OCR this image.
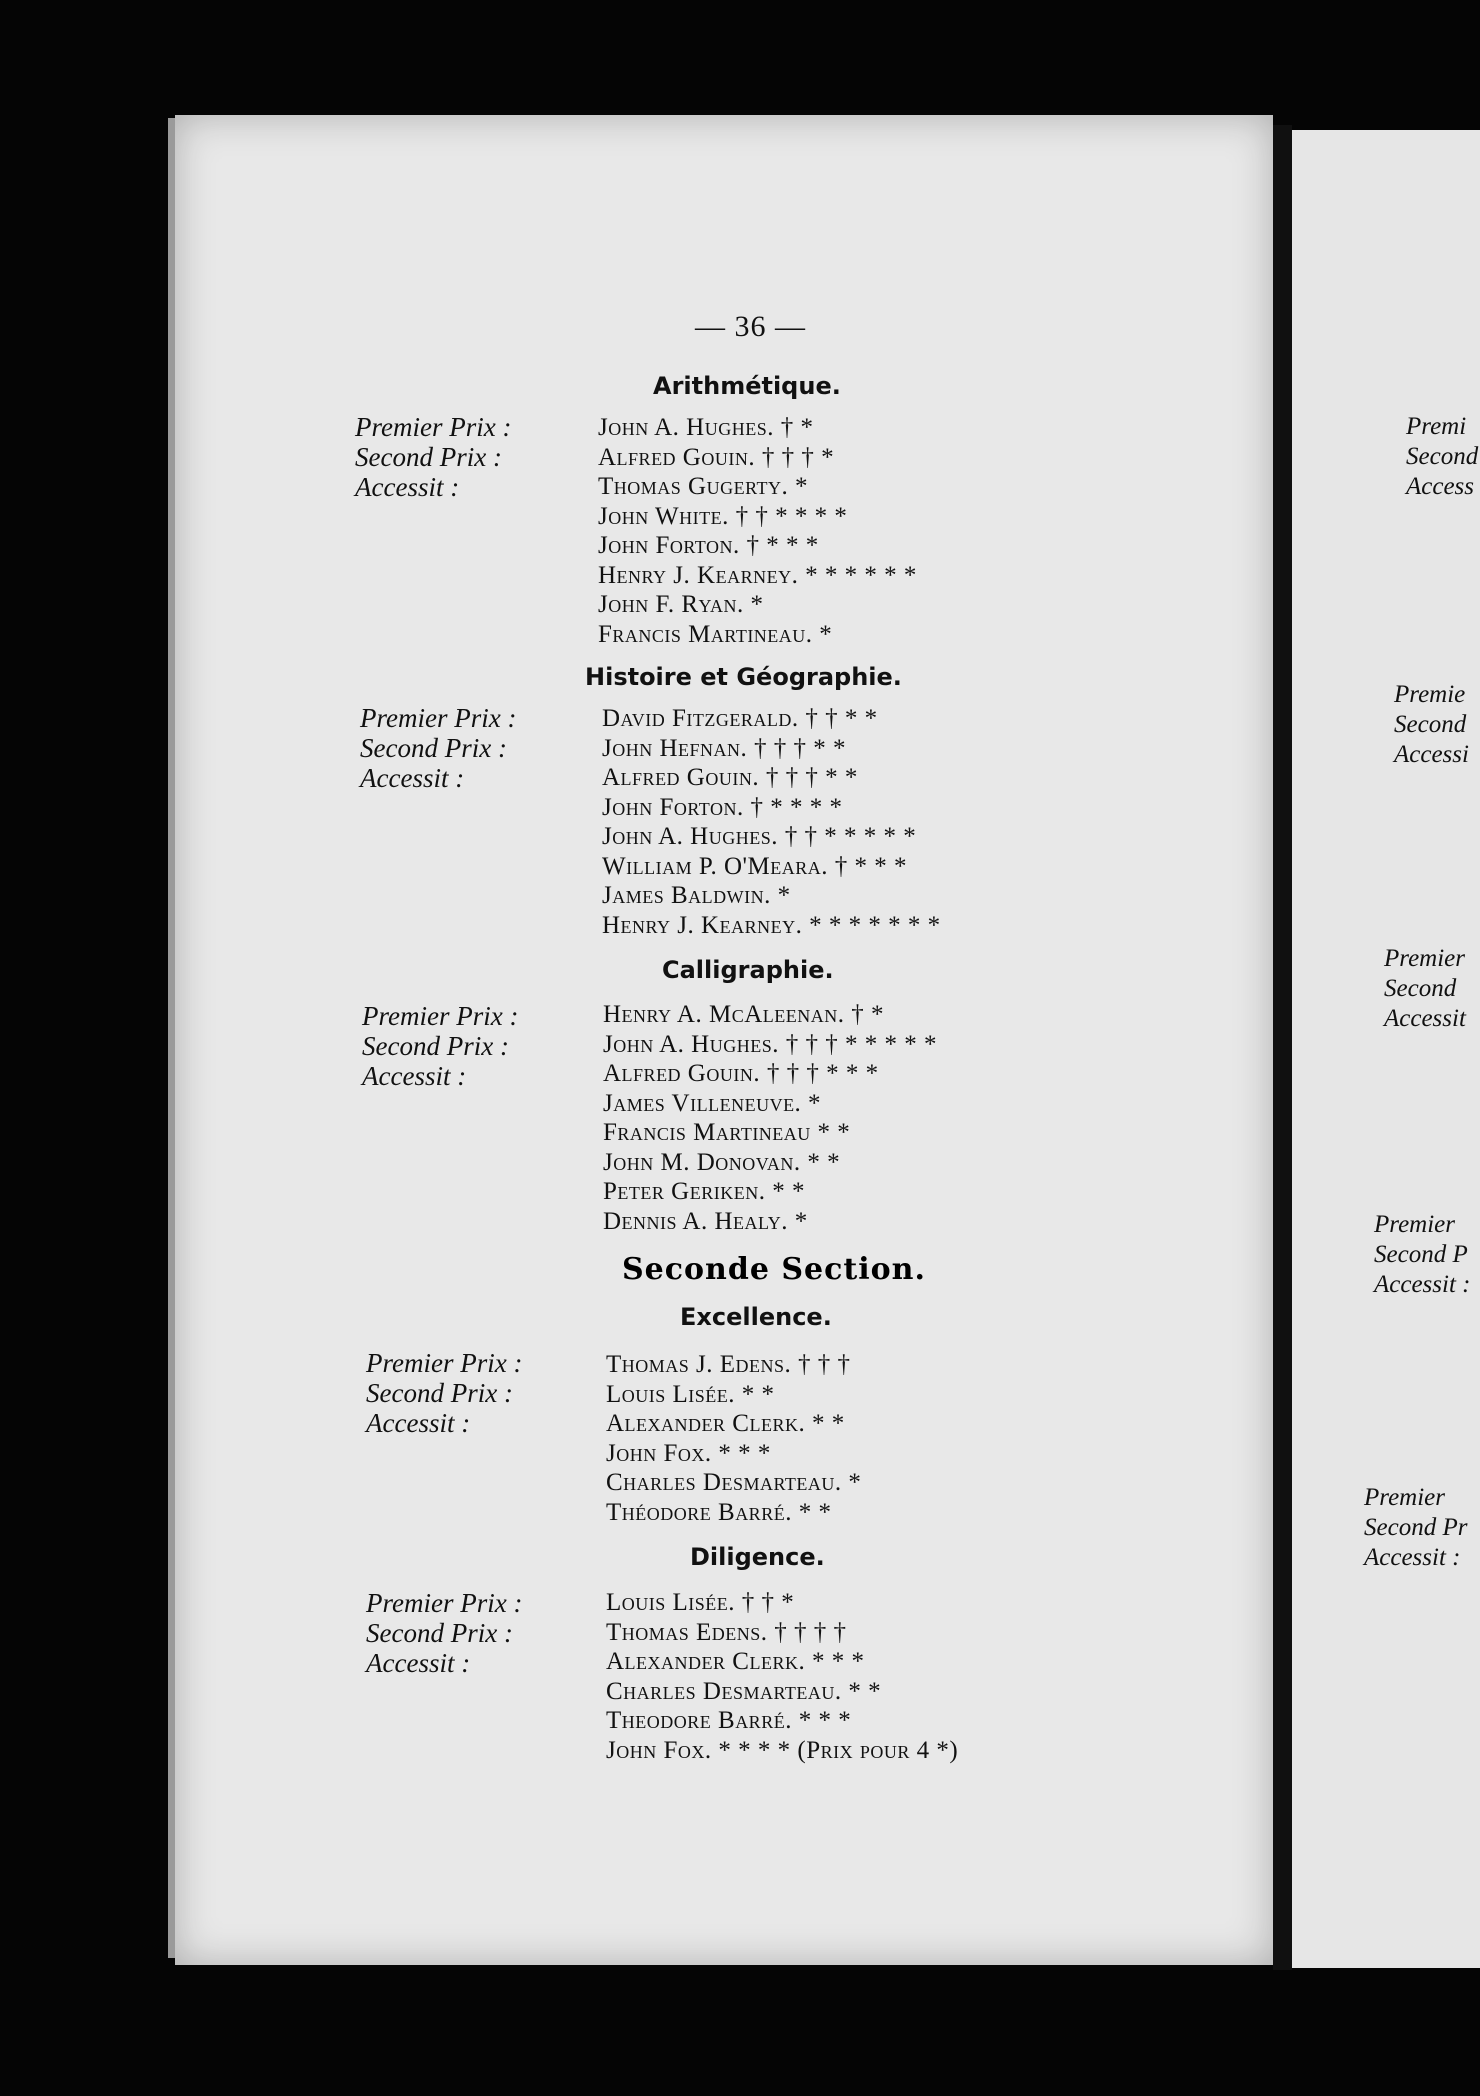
— 36 —
Arithmétique.
Premier Prix :
Second Prix :
Accessit :
John A. Hughes. † *
Alfred Gouin. † † † *
Thomas Gugerty. *
John White. † † * * * *
John Forton. † * * *
Henry J. Kearney. * * * * * *
John F. Ryan. *
Francis Martineau. *
Histoire et Géographie.
Premier Prix :
Second Prix :
Accessit :
David Fitzgerald. † † * *
John Hefnan. † † † * *
Alfred Gouin. † † † * *
John Forton. † * * * *
John A. Hughes. † † * * * * *
William P. O'Meara. † * * *
James Baldwin. *
Henry J. Kearney. * * * * * * *
Calligraphie.
Premier Prix :
Second Prix :
Accessit :
Henry A. McAleenan. † *
John A. Hughes. † † † * * * * *
Alfred Gouin. † † † * * *
James Villeneuve. *
Francis Martineau * *
John M. Donovan. * *
Peter Geriken. * *
Dennis A. Healy. *
Seconde Section.
Excellence.
Premier Prix :
Second Prix :
Accessit :
Thomas J. Edens. † † †
Louis Lisée. * *
Alexander Clerk. * *
John Fox. * * *
Charles Desmarteau. *
Théodore Barré. * *
Diligence.
Premier Prix :
Second Prix :
Accessit :
Louis Lisée. † † *
Thomas Edens. † † † †
Alexander Clerk. * * *
Charles Desmarteau. * *
Theodore Barré. * * *
John Fox. * * * * (Prix pour 4 *)
Premi
Second
Access
Premie
Second
Accessi
Premier
Second
Accessit
Premier
Second P
Accessit :
Premier
Second Pr
Accessit :
